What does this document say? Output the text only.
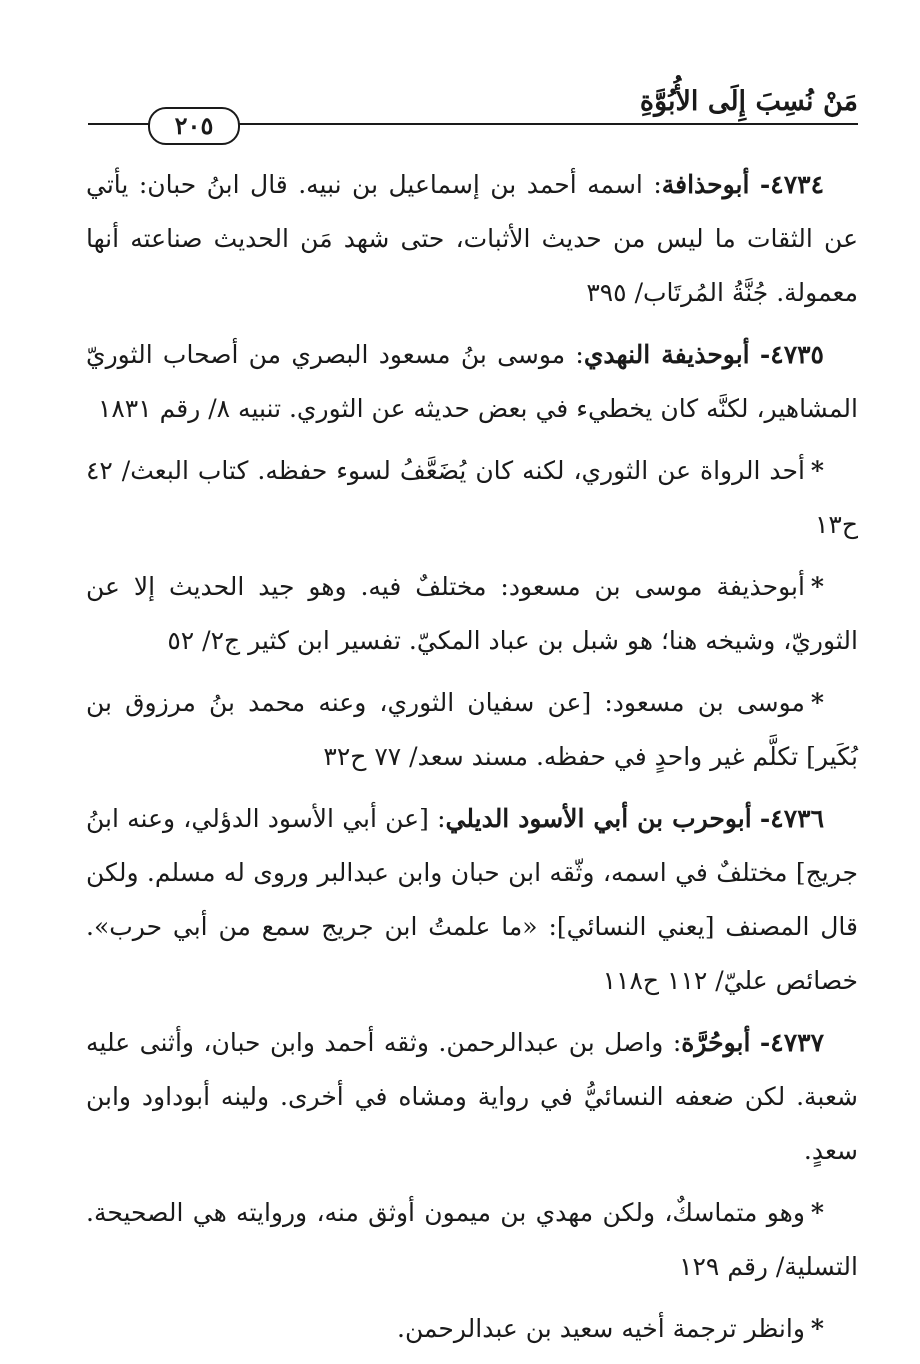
٢٠٥
مَنْ نُسِبَ إِلَى الأُبُوَّةِ

٤٧٣٤- أبوحذافة: اسمه أحمد بن إسماعيل بن نبيه. قال ابنُ حبان: يأتي عن الثقات ما ليس من حديث الأثبات، حتى شهد مَن الحديث صناعته أنها معمولة. جُنَّةُ المُرتَاب/ ٣٩٥

٤٧٣٥- أبوحذيفة النهدي: موسى بنُ مسعود البصري من أصحاب الثوريّ المشاهير، لكنَّه كان يخطيء في بعض حديثه عن الثوري. تنبيه ٨/ رقم ١٨٣١

*أحد الرواة عن الثوري، لكنه كان يُضَعَّفُ لسوء حفظه. كتاب البعث/ ٤٢ ح١٣

*أبوحذيفة موسى بن مسعود: مختلفٌ فيه. وهو جيد الحديث إلا عن الثوريّ، وشيخه هنا؛ هو شبل بن عباد المكيّ. تفسير ابن كثير ج٢/ ٥٢

*موسى بن مسعود: [عن سفيان الثوري، وعنه محمد بنُ مرزوق بن بُكَير] تكلَّم غير واحدٍ في حفظه. مسند سعد/ ٧٧ ح٣٢

٤٧٣٦- أبوحرب بن أبي الأسود الديلي: [عن أبي الأسود الدؤلي، وعنه ابنُ جريج] مختلفٌ في اسمه، وثّقه ابن حبان وابن عبدالبر وروى له مسلم. ولكن قال المصنف [يعني النسائي]: «ما علمتُ ابن جريج سمع من أبي حرب». خصائص عليّ/ ١١٢ ح١١٨

٤٧٣٧- أبوحُرَّة: واصل بن عبدالرحمن. وثقه أحمد وابن حبان، وأثنى عليه شعبة. لكن ضعفه النسائيُّ في رواية ومشاه في أخرى. ولينه أبوداود وابن سعدٍ.

*وهو متماسكٌ، ولكن مهدي بن ميمون أوثق منه، وروايته هي الصحيحة. التسلية/ رقم ١٢٩

*وانظر ترجمة أخيه سعيد بن عبدالرحمن.
